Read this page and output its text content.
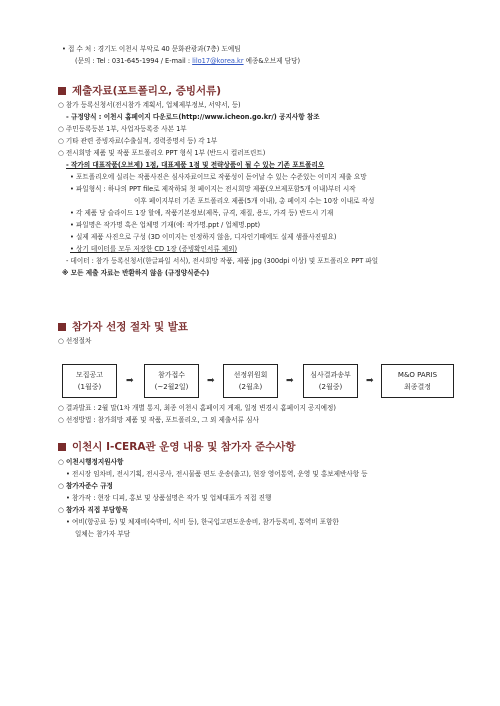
• 접 수 처 : 경기도 이천시 부악로 40 문화관광과(7층) 도예팀
(문의 : Tel : 031-645-1994 / E-mail : lilo17@korea.kr 예종&오브제 담당)
제출자료(포트폴리오, 증빙서류)
○ 참가 등록신청서(전시참가 계획서, 업체제부정보, 서약서, 등)
- 규정양식 : 이천시 홈페이지 다운로드(http://www.icheon.go.kr/) 공지사항 참조
○ 주민등록등본 1부, 사업자등록증 사본 1부
○ 기타 관련 증빙자료(수출실적, 경력증명서 등) 각 1부
○ 전시희망 제품 및 작품 포트폴리오 PPT 형식 1부 (반드시 컬러프린트)
- 작가의 대표작품(오브제) 1점, 대표제품 1점 및 전략상품이 될 수 있는 기존 포트폴리오
• 포트폴리오에 실리는 작품사진은 심사자료이므로 작품성이 돋어날 수 있는 수준있는 이미지 제출 요망
• 파일형식 : 하나의 PPT file로 제작하되 첫 페이지는 전시희망 제품(오브제포함5개 이내)부터 시작
이후 페이지부터 기존 포트폴리오 제품(5개 이내), 총 페이지 수는 10장 이내로 작성
• 각 제품 당 슬라이드 1장 할애, 작품기본정보(제목, 규격, 재질, 용도, 가격 등) 반드시 기재
• 파일명은 작가명 혹은 업체명 기재(예: 작가명.ppt / 업체명.ppt)
• 실제 제품 사진으로 구성 (3D 이미지는 인정하지 않음, 디자인기때에도 실제 샘플사진필요)
• 상기 데이터를 모두 저장한 CD 1장 (증빙확인서류 제외)
- 데이터 : 참가 등록신청서(한글파일 서식), 전시희망 작품, 제품 jpg (300dpi 이상) 및 포트폴리오 PPT 파일
※ 모든 제출 자료는 반환하지 않음 (규정양식준수)
참가자 선정 절차 및 발표
○ 선정절차
모집공고
(1월중)
➡
참가접수
(~2월2일)
➡
선정위원회
(2월초)
➡
심사결과송부
(2월중)
➡
M&O PARIS
최종결정
○ 결과발표 : 2월 말(1차 개별 통지, 최종 이천시 홈페이지 게재, 일정 변경시 홈페이지 공지예정)
○ 선정방법 : 참가희망 제품 및 작품, 포트폴리오, 그 외 제출서류 심사
이천시 I-CERA관 운영 내용 및 참가자 준수사항
○ 이천시행정지원사항
• 전시장 임차비, 전시기획, 전시공사, 전시물품 편도 운송(출고), 현장 영어통역, 운영 및 홍보제반사항 등
○ 참가자준수 규정
• 참가작 : 현장 디피, 홍보 및 상품설명은 작가 및 업체대표가 직접 진행
○ 참가자 직접 부담항목
• 여비(항공료 등) 및 체재비(숙박비, 식비 등), 한국입고편도운송비, 참가등록비, 통역비 포함한
일체는 참가자 부담
